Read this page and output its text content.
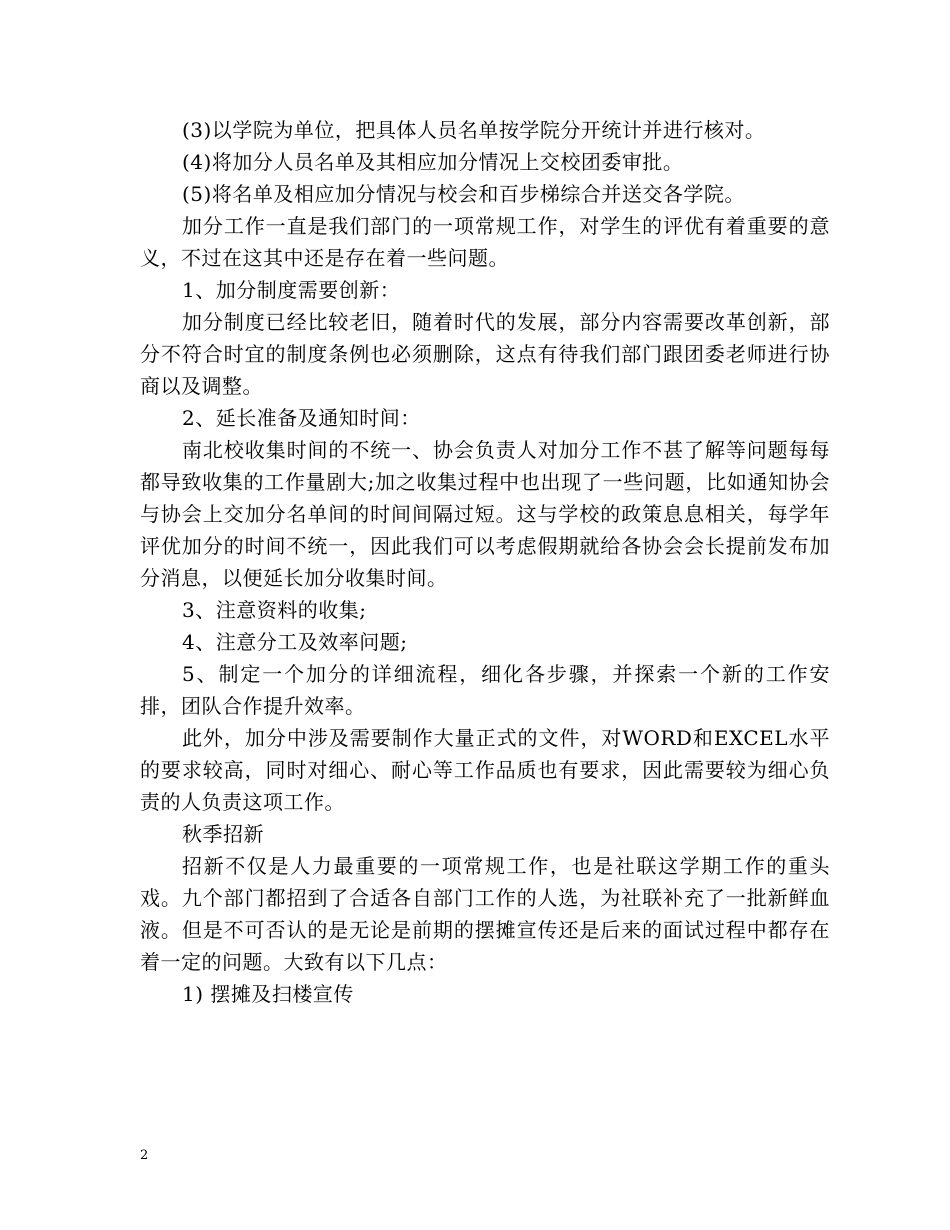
(3)以学院为单位，把具体人员名单按学院分开统计并进行核对。

(4)将加分人员名单及其相应加分情况上交校团委审批。

(5)将名单及相应加分情况与校会和百步梯综合并送交各学院。

加分工作一直是我们部门的一项常规工作，对学生的评优有着重要的意义，不过在这其中还是存在着一些问题。

1、加分制度需要创新：

加分制度已经比较老旧，随着时代的发展，部分内容需要改革创新，部分不符合时宜的制度条例也必须删除，这点有待我们部门跟团委老师进行协商以及调整。

2、延长准备及通知时间：

南北校收集时间的不统一、协会负责人对加分工作不甚了解等问题每每都导致收集的工作量剧大;加之收集过程中也出现了一些问题，比如通知协会与协会上交加分名单间的时间间隔过短。这与学校的政策息息相关，每学年评优加分的时间不统一，因此我们可以考虑假期就给各协会会长提前发布加分消息，以便延长加分收集时间。

3、注意资料的收集;

4、注意分工及效率问题;

5、制定一个加分的详细流程，细化各步骤，并探索一个新的工作安排，团队合作提升效率。

此外，加分中涉及需要制作大量正式的文件，对WORD和EXCEL水平的要求较高，同时对细心、耐心等工作品质也有要求，因此需要较为细心负责的人负责这项工作。

秋季招新

招新不仅是人力最重要的一项常规工作，也是社联这学期工作的重头戏。九个部门都招到了合适各自部门工作的人选，为社联补充了一批新鲜血液。但是不可否认的是无论是前期的摆摊宣传还是后来的面试过程中都存在着一定的问题。大致有以下几点：

1) 摆摊及扫楼宣传

2
